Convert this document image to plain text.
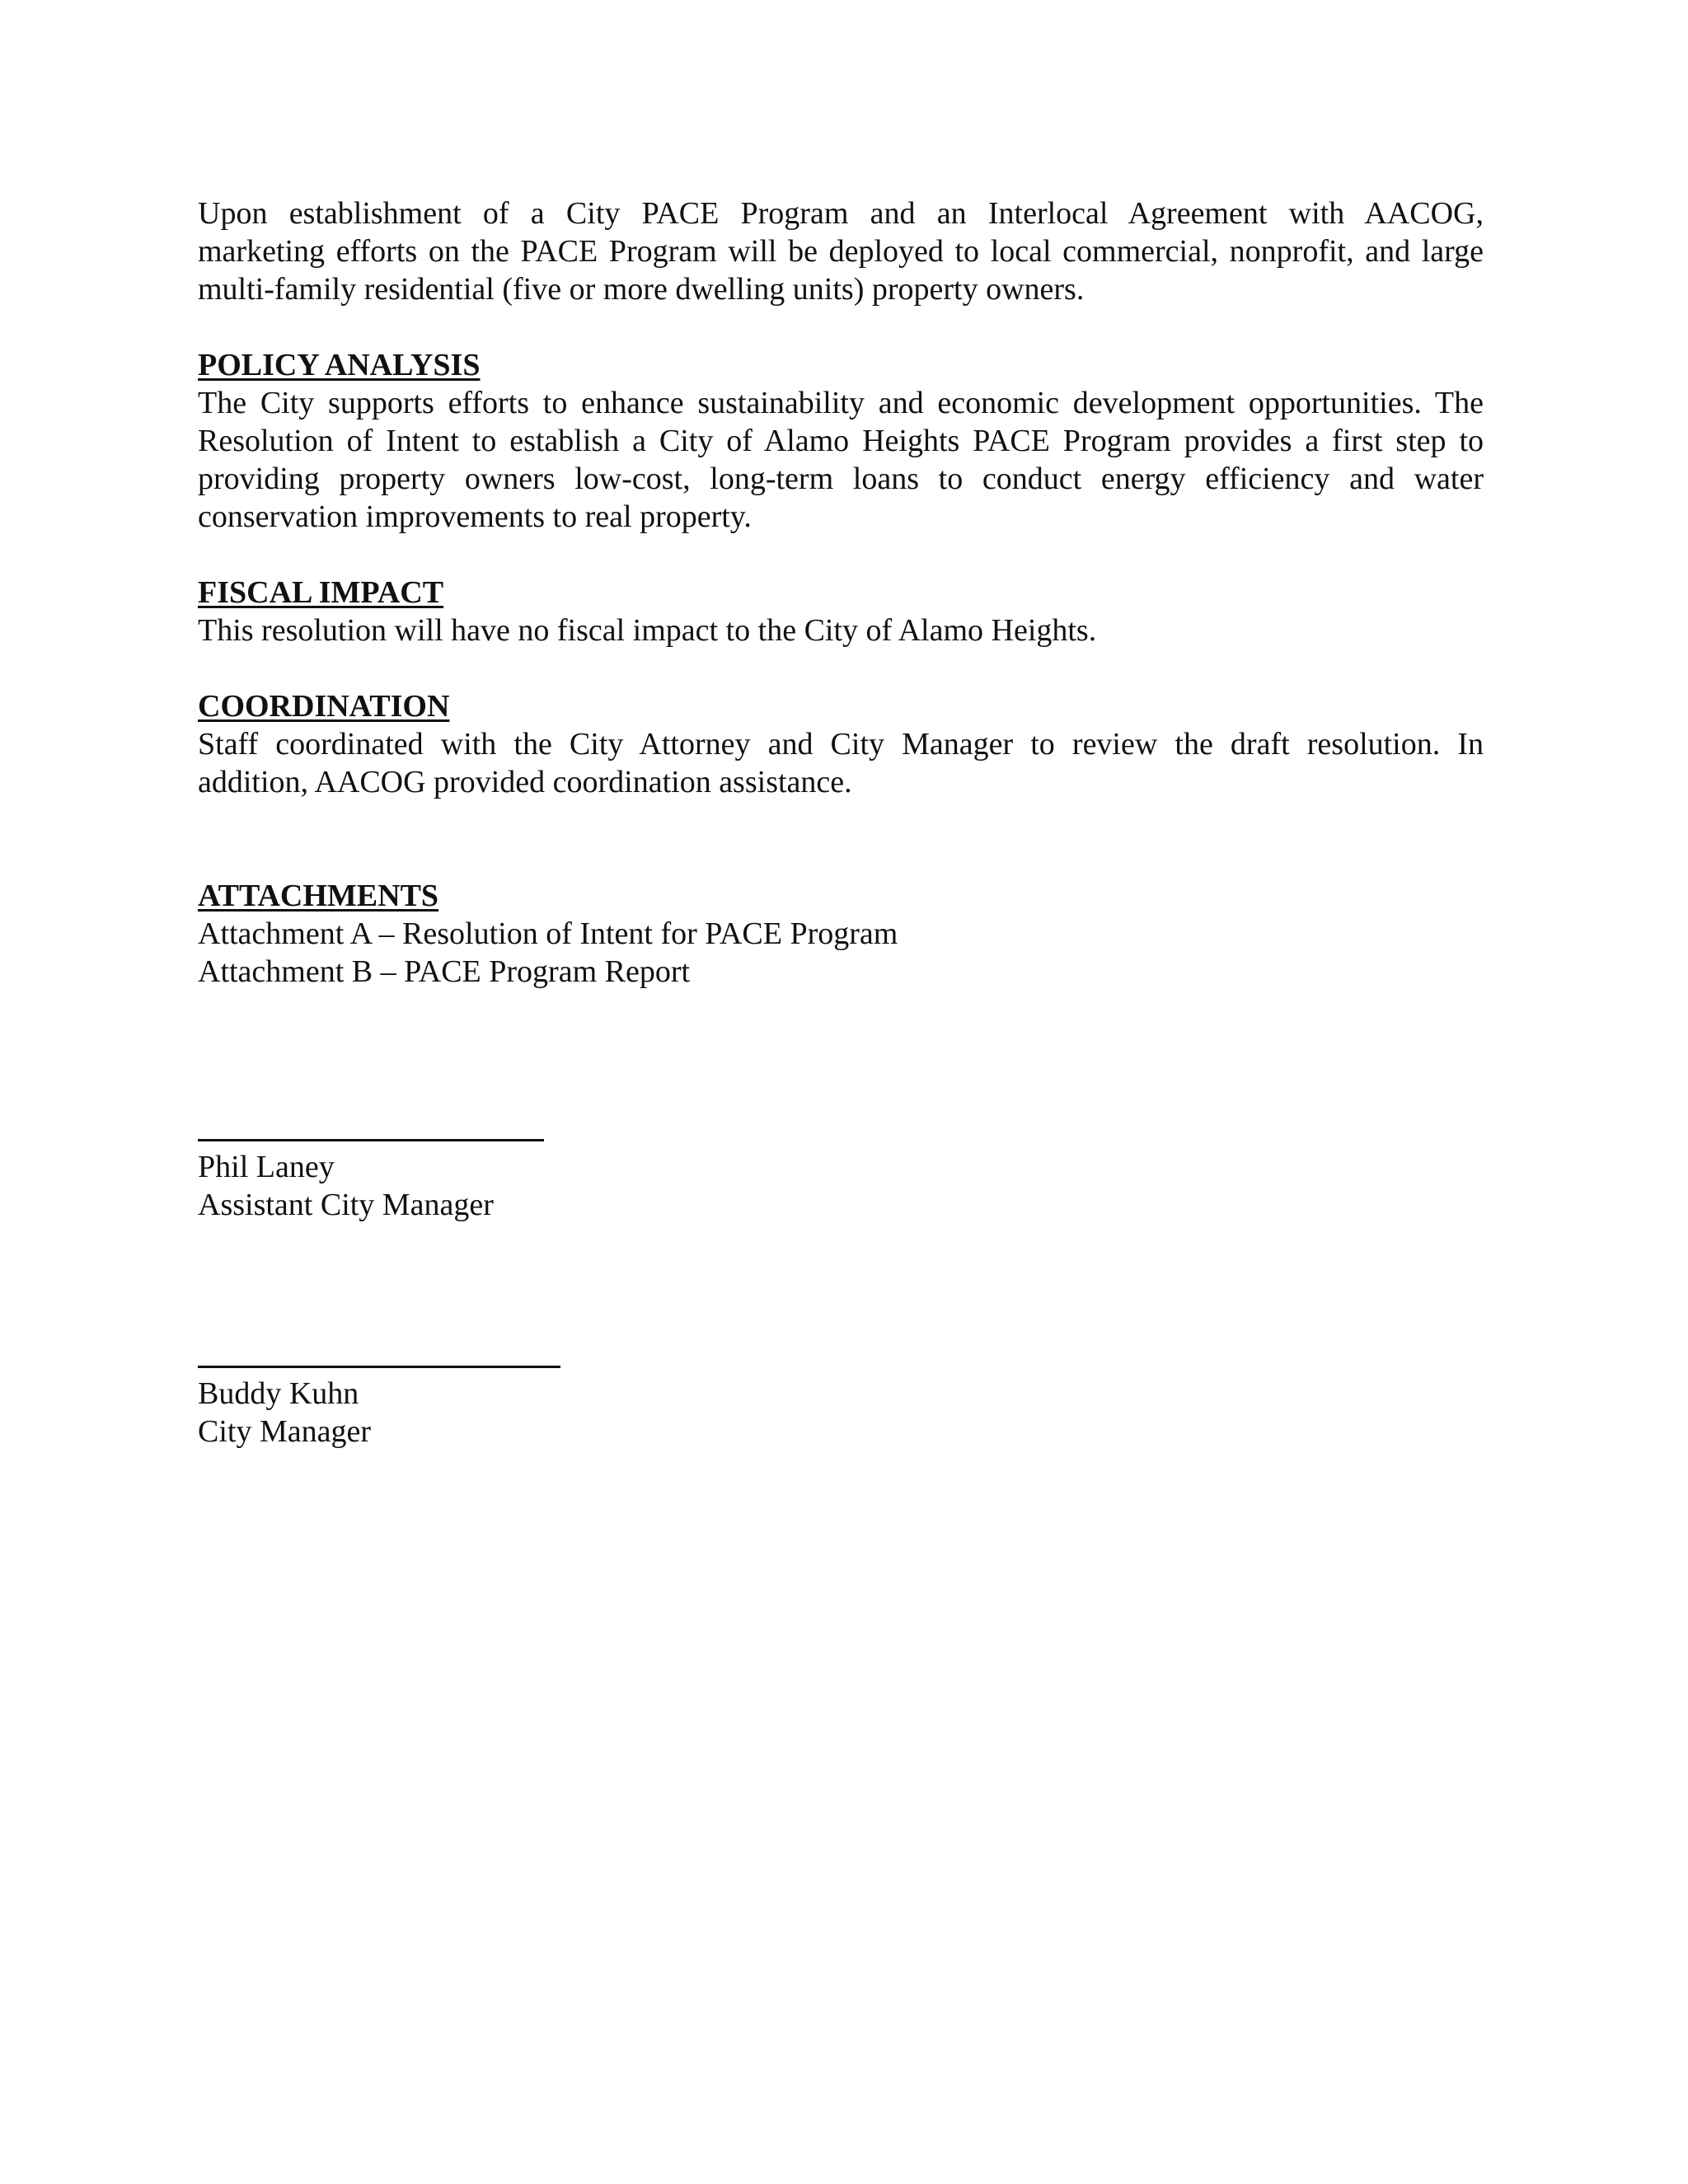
Upon establishment of a City PACE Program and an Interlocal Agreement with AACOG,

marketing efforts on the PACE Program will be deployed to local commercial, nonprofit, and large

multi-family residential (five or more dwelling units) property owners.

POLICY ANALYSIS

The City supports efforts to enhance sustainability and economic development opportunities. The

Resolution of Intent to establish a City of Alamo Heights PACE Program provides a first step to

providing property owners low-cost, long-term loans to conduct energy efficiency and water

conservation improvements to real property.

FISCAL IMPACT

This resolution will have no fiscal impact to the City of Alamo Heights.

COORDINATION

Staff coordinated with the City Attorney and City Manager to review the draft resolution. In

addition, AACOG provided coordination assistance.

ATTACHMENTS

Attachment A – Resolution of Intent for PACE Program

Attachment B – PACE Program Report

Phil Laney

Assistant City Manager

Buddy Kuhn

City Manager
